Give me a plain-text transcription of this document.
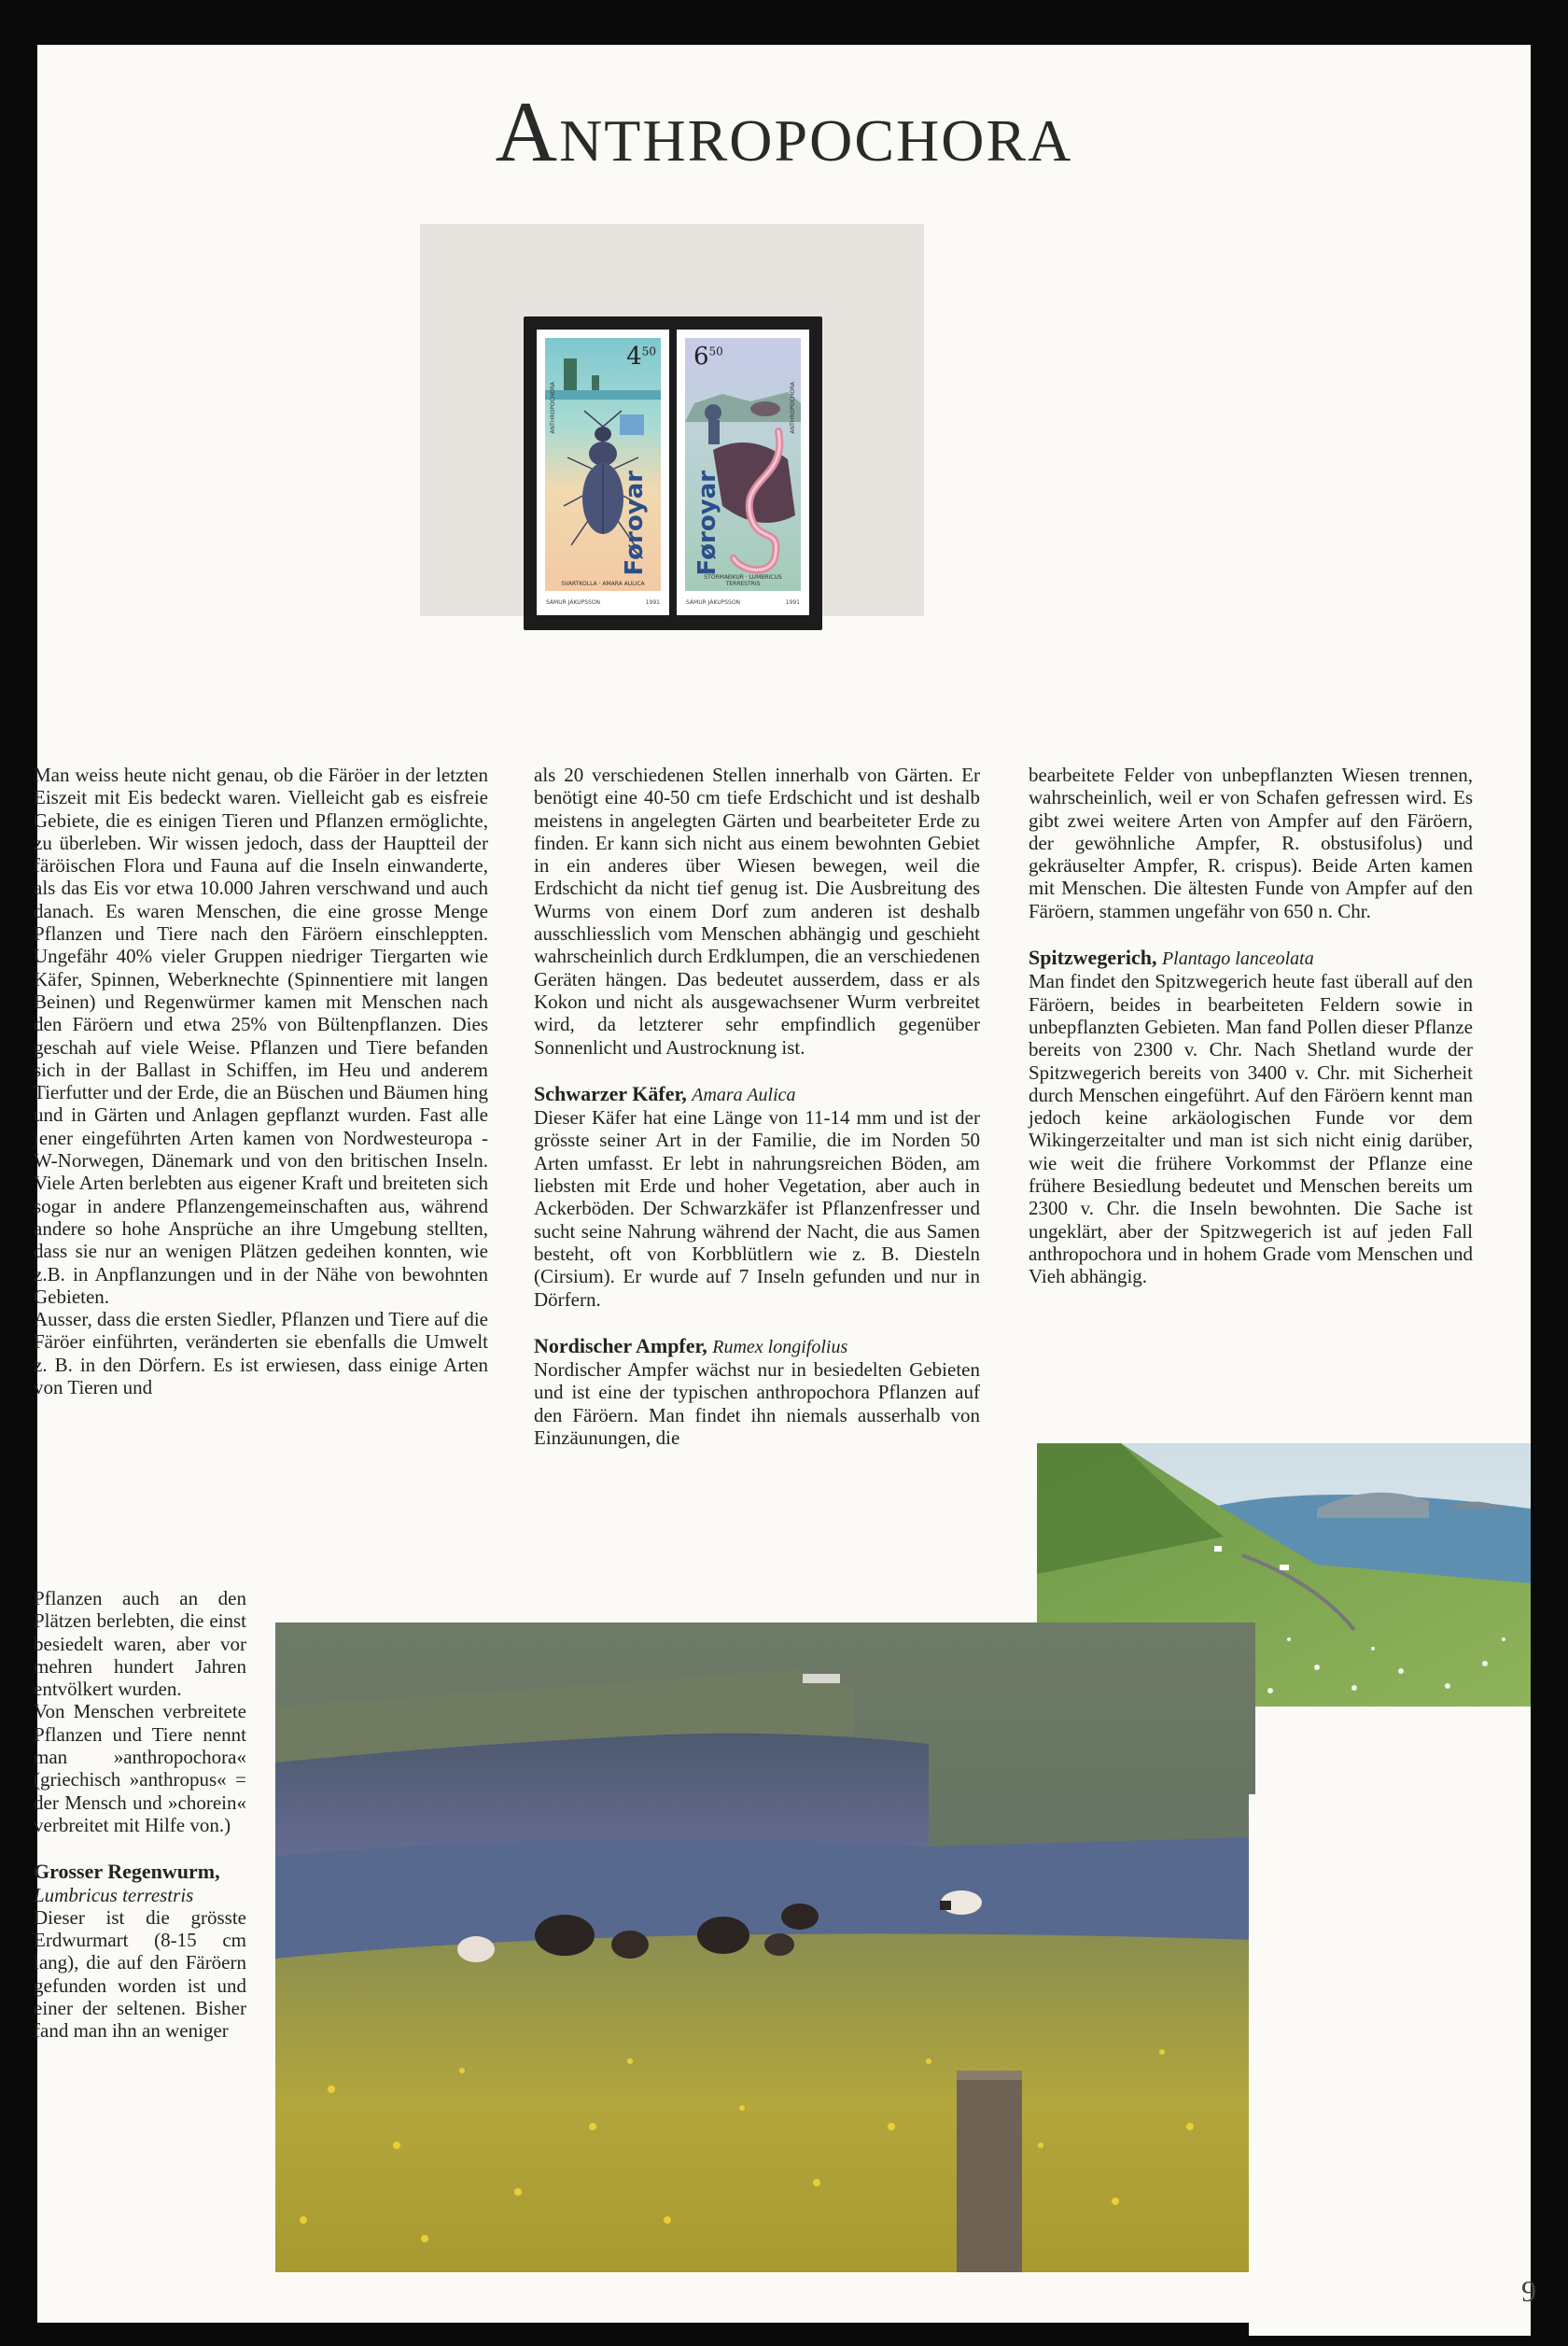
Anthropochora
$4^{50}$
ANTHROPOCHORA
Føroyar
SVARTKOLLA · AMARA AULICA
SÁMUR JÁKUPSSON	1991
$6^{50}$
ANTHROPOCHORA
Føroyar
STÓRMAÐKUR · LUMBRICUS TERRESTRIS
SÁMUR JÁKUPSSON	1991

Man weiss heute nicht genau, ob die Färöer in der letzten Eiszeit mit Eis bedeckt waren. Vielleicht gab es eisfreie Gebiete, die es einigen Tieren und Pflanzen ermöglichte, zu überleben. Wir wissen jedoch, dass der Hauptteil der färöischen Flora und Fauna auf die Inseln einwanderte, als das Eis vor etwa 10.000 Jahren verschwand und auch danach. Es waren Menschen, die eine grosse Menge Pflanzen und Tiere nach den Färöern einschleppten. Ungefähr 40% vieler Gruppen niedriger Tiergarten wie Käfer, Spinnen, Weberknechte (Spinnentiere mit langen Beinen) und Regenwürmer kamen mit Menschen nach den Färöern und etwa 25% von Bültenpflanzen. Dies geschah auf viele Weise. Pflanzen und Tiere befanden sich in der Ballast in Schiffen, im Heu und anderem Tierfutter und der Erde, die an Büschen und Bäumen hing und in Gärten und Anlagen gepflanzt wurden. Fast alle jener eingeführten Arten kamen von Nordwesteuropa - W-Norwegen, Dänemark und von den britischen Inseln. Viele Arten berlebten aus eigener Kraft und breiteten sich sogar in andere Pflanzengemeinschaften aus, während andere so hohe Ansprüche an ihre Umgebung stellten, dass sie nur an wenigen Plätzen gedeihen konnten, wie z.B. in Anpflanzungen und in der Nähe von bewohnten Gebieten.

Ausser, dass die ersten Siedler, Pflanzen und Tiere auf die Färöer einführten, veränderten sie ebenfalls die Umwelt z. B. in den Dörfern. Es ist erwiesen, dass einige Arten von Tieren und

Pflanzen auch an den Plätzen berlebten, die einst besiedelt waren, aber vor mehren hundert Jahren entvölkert wurden.

Von Menschen verbreitete Pflanzen und Tiere nennt man »anthropochora« (griechisch »anthropus« = der Mensch und »chorein« verbreitet mit Hilfe von.)

Grosser Regenwurm,

Lumbricus terrestris

Dieser ist die grösste Erdwurmart (8-15 cm lang), die auf den Färöern gefunden worden ist und einer der seltenen. Bisher fand man ihn an weniger

als 20 verschiedenen Stellen innerhalb von Gärten. Er benötigt eine 40-50 cm tiefe Erdschicht und ist deshalb meistens in angelegten Gärten und bearbeiteter Erde zu finden. Er kann sich nicht aus einem bewohnten Gebiet in ein anderes über Wiesen bewegen, weil die Erdschicht da nicht tief genug ist. Die Ausbreitung des Wurms von einem Dorf zum anderen ist deshalb ausschliesslich vom Menschen abhängig und geschieht wahrscheinlich durch Erdklumpen, die an verschiedenen Geräten hängen. Das bedeutet ausserdem, dass er als Kokon und nicht als ausgewachsener Wurm verbreitet wird, da letzterer sehr empfindlich gegenüber Sonnenlicht und Austrocknung ist.

Schwarzer Käfer, Amara Aulica

Dieser Käfer hat eine Länge von 11-14 mm und ist der grösste seiner Art in der Familie, die im Norden 50 Arten umfasst. Er lebt in nahrungsreichen Böden, am liebsten mit Erde und hoher Vegetation, aber auch in Ackerböden. Der Schwarzkäfer ist Pflanzenfresser und sucht seine Nahrung während der Nacht, die aus Samen besteht, oft von Korbblütlern wie z. B. Diesteln (Cirsium). Er wurde auf 7 Inseln gefunden und nur in Dörfern.

Nordischer Ampfer, Rumex longifolius

Nordischer Ampfer wächst nur in besiedelten Gebieten und ist eine der typischen anthropochora Pflanzen auf den Färöern. Man findet ihn niemals ausserhalb von Einzäunungen, die

bearbeitete Felder von unbepflanzten Wiesen trennen, wahrscheinlich, weil er von Schafen gefressen wird. Es gibt zwei weitere Arten von Ampfer auf den Färöern, der gewöhnliche Ampfer, R. obstusifolus) und gekräuselter Ampfer, R. crispus). Beide Arten kamen mit Menschen. Die ältesten Funde von Ampfer auf den Färöern, stammen ungefähr von 650 n. Chr.

Spitzwegerich, Plantago lanceolata

Man findet den Spitzwegerich heute fast überall auf den Färöern, beides in bearbeiteten Feldern sowie in unbepflanzten Gebieten. Man fand Pollen dieser Pflanze bereits von 2300 v. Chr. Nach Shetland wurde der Spitzwegerich bereits von 3400 v. Chr. mit Sicherheit durch Menschen eingeführt. Auf den Färöern kennt man jedoch keine arkäologischen Funde vor dem Wikingerzeitalter und man ist sich nicht einig darüber, wie weit die frühere Vorkommst der Pflanze eine frühere Besiedlung bedeutet und Menschen bereits um 2300 v. Chr. die Inseln bewohnten. Die Sache ist ungeklärt, aber der Spitzwegerich ist auf jeden Fall anthropochora und in hohem Grade vom Menschen und Vieh abhängig.

9
